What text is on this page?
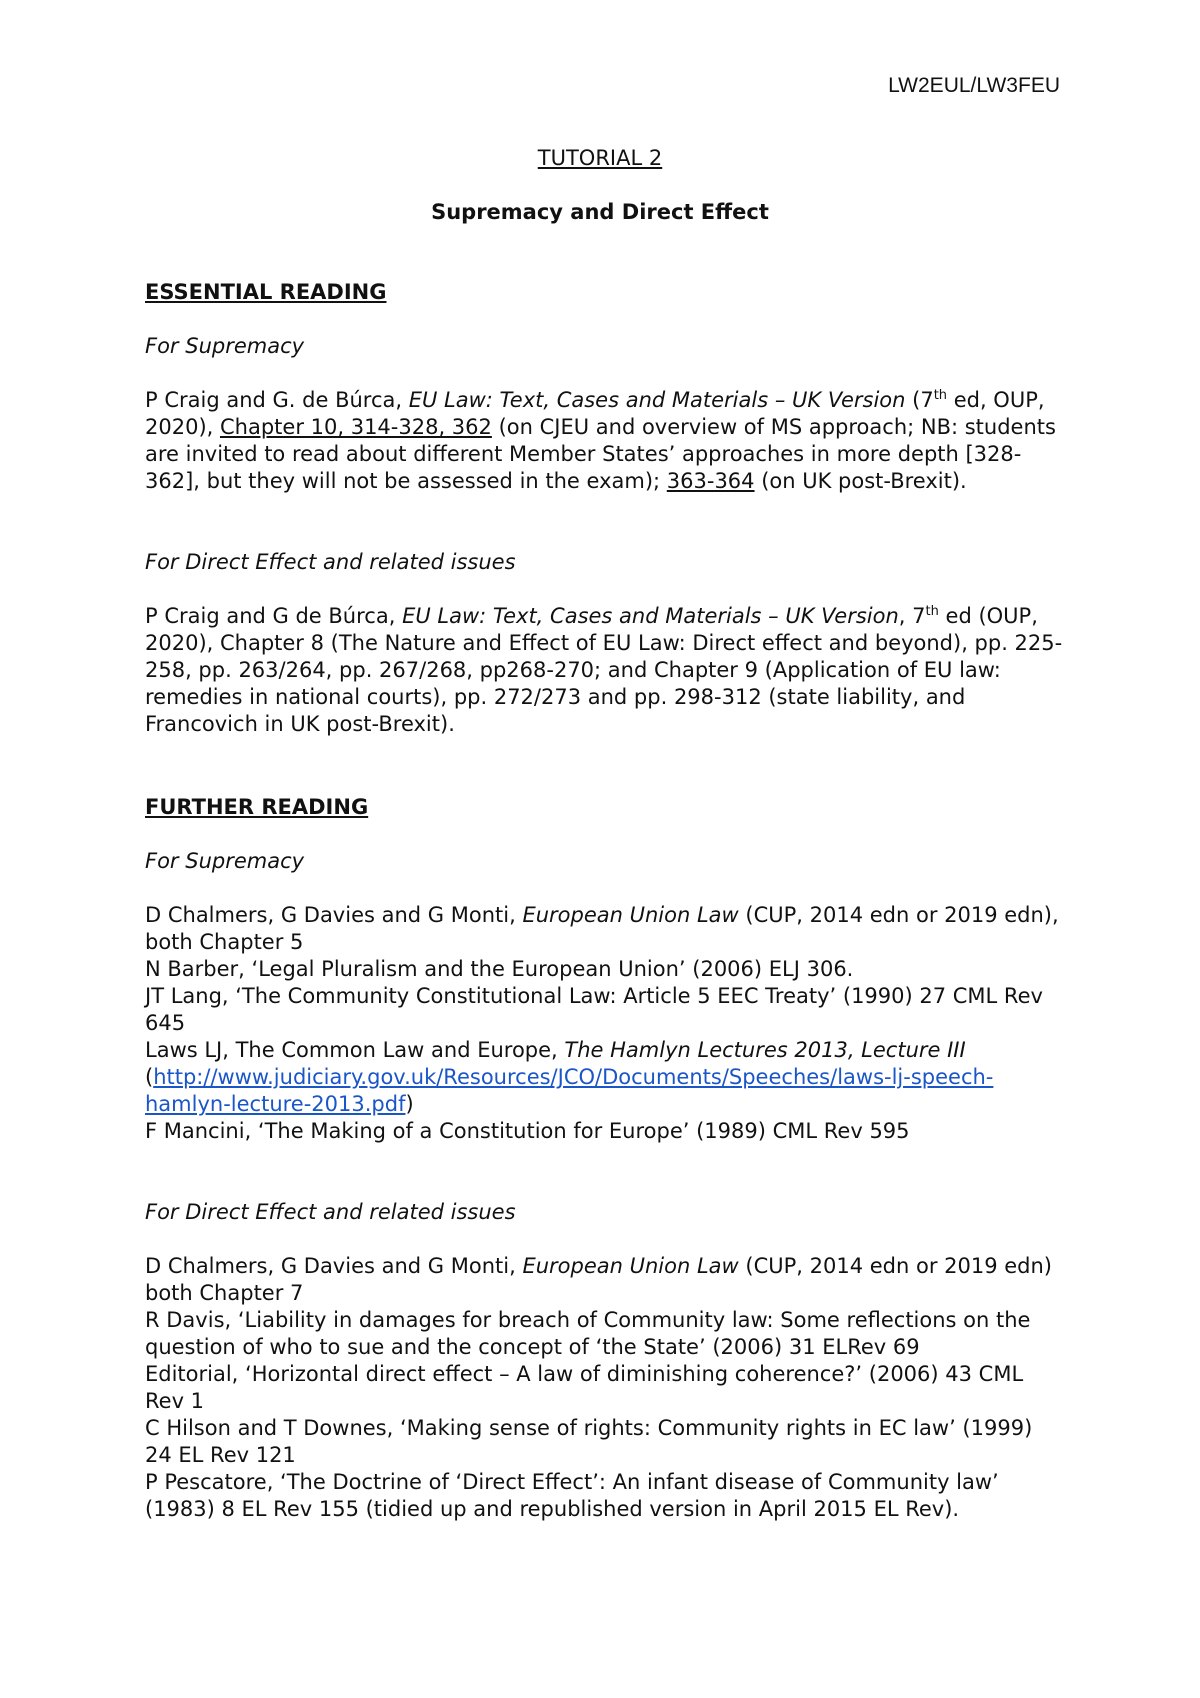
LW2EUL/LW3FEU
TUTORIAL 2
Supremacy and Direct Effect

ESSENTIAL READING

For Supremacy

P Craig and G. de Búrca, EU Law: Text, Cases and Materials – UK Version (7th ed, OUP, 2020), Chapter 10, 314-328, 362 (on CJEU and overview of MS approach; NB: students are invited to read about different Member States’ approaches in more depth [328-362], but they will not be assessed in the exam); 363-364 (on UK post-Brexit).

For Direct Effect and related issues

P Craig and G de Búrca, EU Law: Text, Cases and Materials – UK Version, 7th ed (OUP, 2020), Chapter 8 (The Nature and Effect of EU Law: Direct effect and beyond), pp. 225-258, pp. 263/264, pp. 267/268, pp268-270; and Chapter 9 (Application of EU law: remedies in national courts), pp. 272/273 and pp. 298-312 (state liability, and Francovich in UK post-Brexit).

FURTHER READING

For Supremacy

D Chalmers, G Davies and G Monti, European Union Law (CUP, 2014 edn or 2019 edn), both Chapter 5
N Barber, ‘Legal Pluralism and the European Union’ (2006) ELJ 306.
JT Lang, ‘The Community Constitutional Law: Article 5 EEC Treaty’ (1990) 27 CML Rev 645
Laws LJ, The Common Law and Europe, The Hamlyn Lectures 2013, Lecture III (http://www.judiciary.gov.uk/Resources/JCO/Documents/Speeches/laws-lj-speech-hamlyn-lecture-2013.pdf)
F Mancini, ‘The Making of a Constitution for Europe’ (1989) CML Rev 595

For Direct Effect and related issues

D Chalmers, G Davies and G Monti, European Union Law (CUP, 2014 edn or 2019 edn) both Chapter 7
R Davis, ‘Liability in damages for breach of Community law: Some reflections on the question of who to sue and the concept of ‘the State’ (2006) 31 ELRev 69
Editorial, ‘Horizontal direct effect – A law of diminishing coherence?’ (2006) 43 CML Rev 1
C Hilson and T Downes, ‘Making sense of rights: Community rights in EC law’ (1999) 24 EL Rev 121
P Pescatore, ‘The Doctrine of ‘Direct Effect’: An infant disease of Community law’ (1983) 8 EL Rev 155 (tidied up and republished version in April 2015 EL Rev).
